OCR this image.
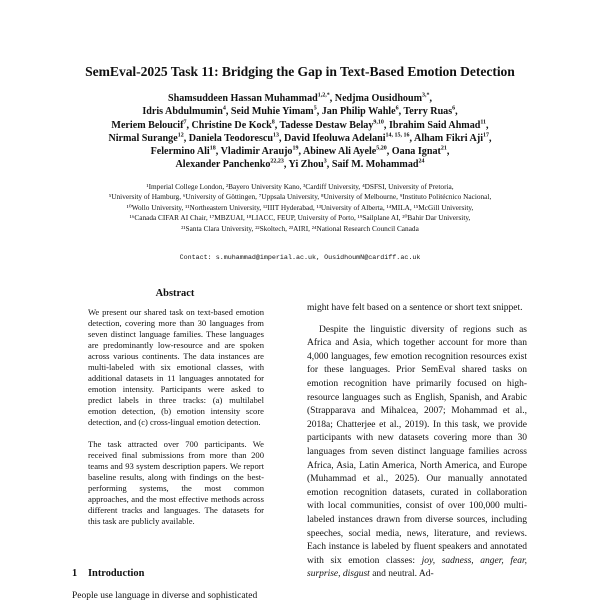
SemEval-2025 Task 11: Bridging the Gap in Text-Based Emotion Detection
Shamsuddeen Hassan Muhammad$^{1,2,*}$, Nedjma Ousidhoum$^{3,*}$,
Idris Abdulmumin$^4$, Seid Muhie Yimam$^5$, Jan Philip Wahle$^6$, Terry Ruas$^6$,
Meriem Beloucif$^7$, Christine De Kock$^8$, Tadesse Destaw Belay$^{9,10}$, Ibrahim Said Ahmad$^{11}$,
Nirmal Surange$^{12}$, Daniela Teodorescu$^{13}$, David Ifeoluwa Adelani$^{14, 15, 16}$, Alham Fikri Aji$^{17}$,
Felermino Ali$^{18}$, Vladimir Araujo$^{19}$, Abinew Ali Ayele$^{5,20}$, Oana Ignat$^{21}$,
Alexander Panchenko$^{22,23}$, Yi Zhou$^3$, Saif M. Mohammad$^{24}$
¹Imperial College London, ²Bayero University Kano, ³Cardiff University, ⁴DSFSI, University of Pretoria,
⁵University of Hamburg, ⁶University of Göttingen, ⁷Uppsala University, ⁸University of Melbourne, ⁹Instituto Politécnico Nacional,
¹⁰Wollo University, ¹¹Northeastern University, ¹²IIIT Hyderabad, ¹³University of Alberta, ¹⁴MILA, ¹⁵McGill University,
¹⁶Canada CIFAR AI Chair, ¹⁷MBZUAI, ¹⁸LIACC, FEUP, University of Porto, ¹⁹Sailplane AI, ²⁰Bahir Dar University,
²¹Santa Clara University, ²²Skoltech, ²³AIRI, ²⁴National Research Council Canada
Contact: s.muhammad@imperial.ac.uk, OusidhoumN@cardiff.ac.uk
Abstract

We present our shared task on text-based emotion detection, covering more than 30 languages from seven distinct language families. These languages are predominantly low-resource and are spoken across various continents. The data instances are multi-labeled with six emotional classes, with additional datasets in 11 languages annotated for emotion intensity. Participants were asked to predict labels in three tracks: (a) multilabel emotion detection, (b) emotion intensity score detection, and (c) cross-lingual emotion detection.

The task attracted over 700 participants. We received final submissions from more than 200 teams and 93 system description papers. We report baseline results, along with findings on the best-performing systems, the most common approaches, and the most effective methods across different tracks and languages. The datasets for this task are publicly available.

1 Introduction
People use language in diverse and sophisticated

might have felt based on a sentence or short text snippet.

Despite the linguistic diversity of regions such as Africa and Asia, which together account for more than 4,000 languages, few emotion recognition resources exist for these languages. Prior SemEval shared tasks on emotion recognition have primarily focused on high-resource languages such as English, Spanish, and Arabic (Strapparava and Mihalcea, 2007; Mohammad et al., 2018a; Chatterjee et al., 2019). In this task, we provide participants with new datasets covering more than 30 languages from seven distinct language families across Africa, Asia, Latin America, North America, and Europe (Muhammad et al., 2025). Our manually annotated emotion recognition datasets, curated in collaboration with local communities, consist of over 100,000 multi-labeled instances drawn from diverse sources, including speeches, social media, news, literature, and reviews. Each instance is labeled by fluent speakers and annotated with six emotion classes: joy, sadness, anger, fear, surprise, disgust and neutral. Ad-
